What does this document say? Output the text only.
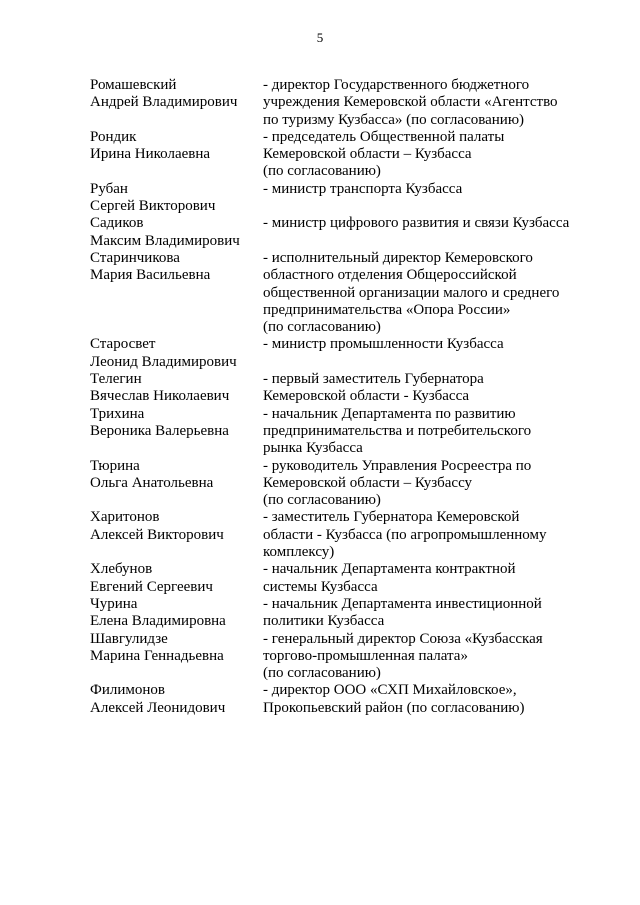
5
Ромашевский
Андрей Владимирович
- директор Государственного бюджетного
учреждения Кемеровской области «Агентство
по туризму Кузбасса» (по согласованию)
Рондик
Ирина Николаевна
- председатель Общественной палаты
Кемеровской области – Кузбасса
(по согласованию)
Рубан
Сергей Викторович
- министр транспорта Кузбасса

Садиков
Максим Владимирович
- министр цифрового развития и связи Кузбасса

Старинчикова
Мария Васильевна
- исполнительный директор Кемеровского
областного отделения Общероссийской
общественной организации малого и среднего
предпринимательства «Опора России»
(по согласованию)
Старосвет
Леонид Владимирович
- министр промышленности Кузбасса

Телегин
Вячеслав Николаевич
- первый заместитель Губернатора
Кемеровской области - Кузбасса
Трихина
Вероника Валерьевна
- начальник Департамента по развитию
предпринимательства и потребительского
рынка Кузбасса
Тюрина
Ольга Анатольевна
- руководитель Управления Росреестра по
Кемеровской области – Кузбассу
(по согласованию)
Харитонов
Алексей Викторович
- заместитель Губернатора Кемеровской
области - Кузбасса (по агропромышленному
комплексу)
Хлебунов
Евгений Сергеевич
- начальник Департамента контрактной
системы Кузбасса
Чурина
Елена Владимировна
- начальник Департамента инвестиционной
политики Кузбасса
Шавгулидзе
Марина Геннадьевна
- генеральный директор Союза «Кузбасская
торгово-промышленная палата»
(по согласованию)
Филимонов
Алексей Леонидович
- директор ООО «СХП Михайловское»,
Прокопьевский район (по согласованию)
